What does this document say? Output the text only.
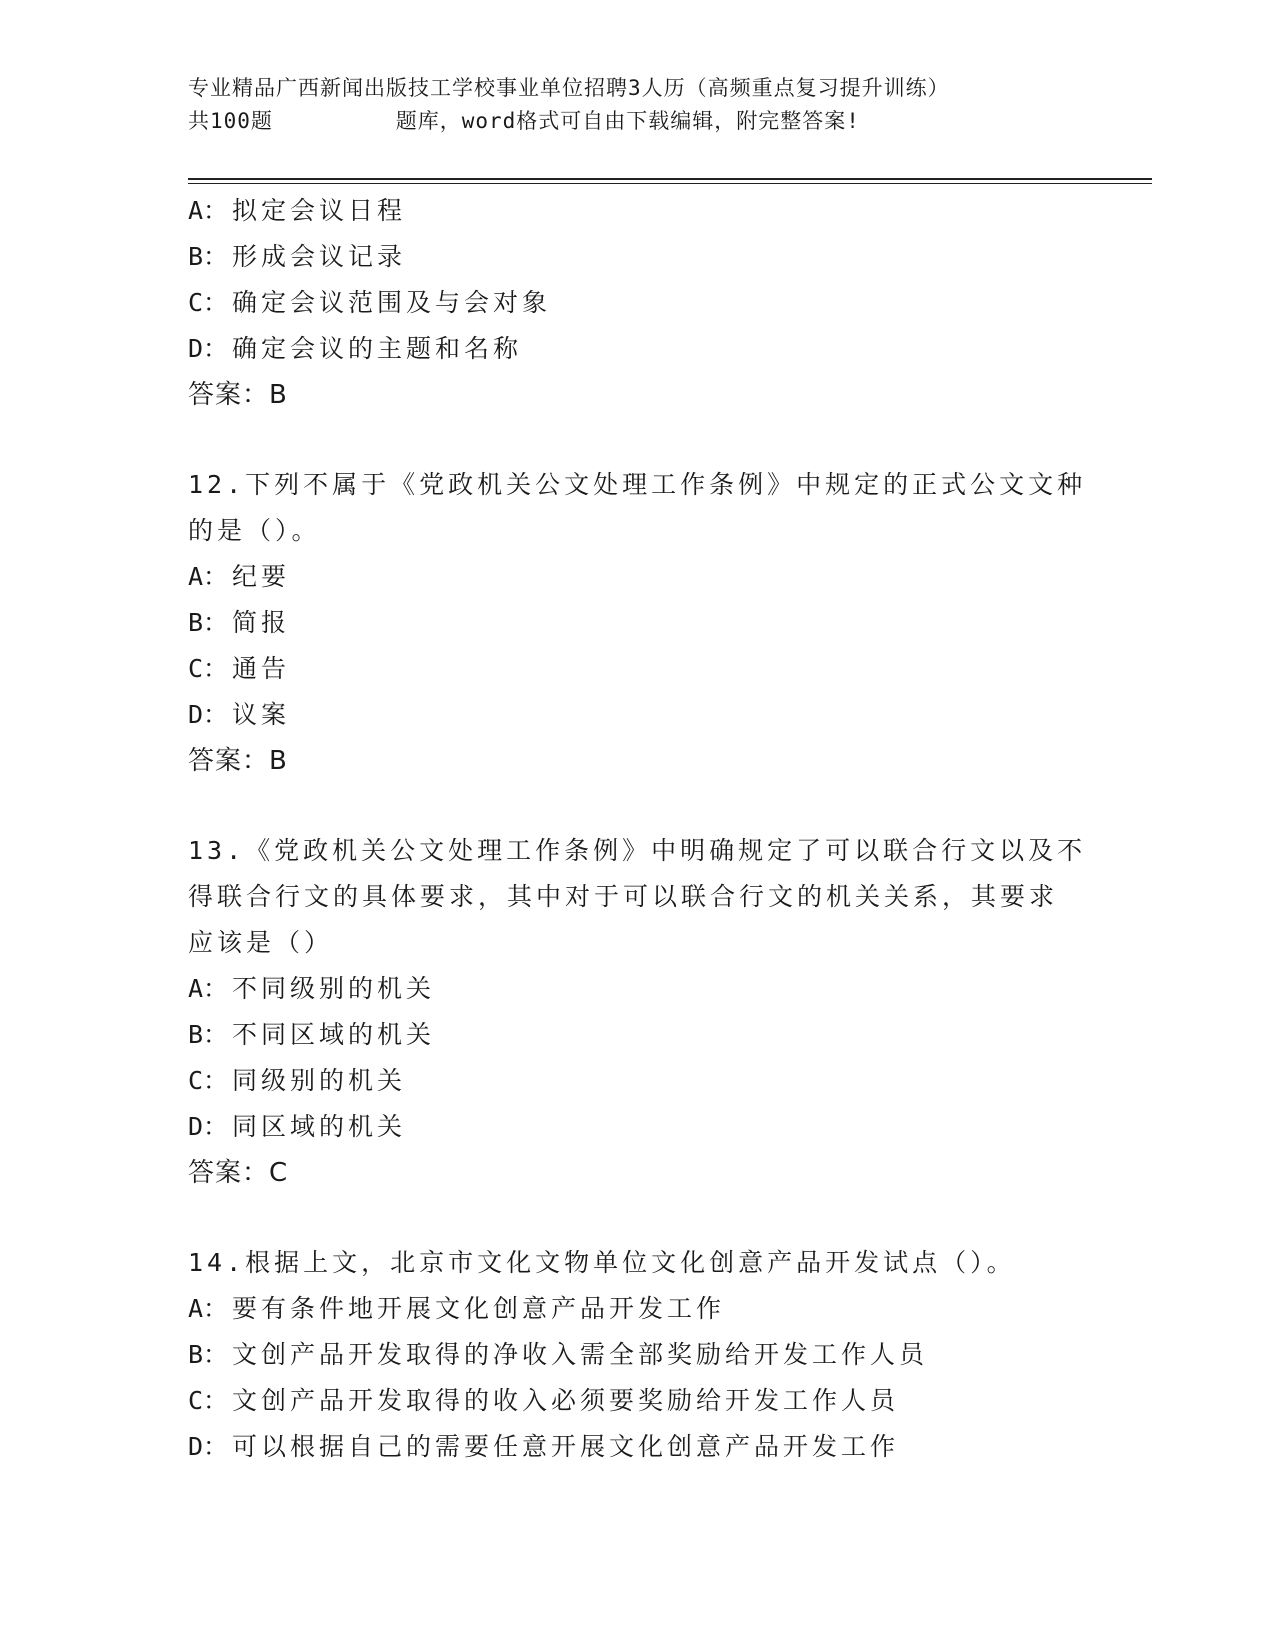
专业精品广西新闻出版技工学校事业单位招聘3人历（高频重点复习提升训练）
共100题         题库，word格式可自由下载编辑，附完整答案!
A： 拟定会议日程
B： 形成会议记录
C： 确定会议范围及与会对象
D： 确定会议的主题和名称
答案：B
12.下列不属于《党政机关公文处理工作条例》中规定的正式公文文种
的是（）。
A： 纪要
B： 简报
C： 通告
D： 议案
答案：B
13.《党政机关公文处理工作条例》中明确规定了可以联合行文以及不
得联合行文的具体要求，其中对于可以联合行文的机关关系，其要求
应该是（）
A： 不同级别的机关
B： 不同区域的机关
C： 同级别的机关
D： 同区域的机关
答案：C
14.根据上文，北京市文化文物单位文化创意产品开发试点（）。
A： 要有条件地开展文化创意产品开发工作
B： 文创产品开发取得的净收入需全部奖励给开发工作人员
C： 文创产品开发取得的收入必须要奖励给开发工作人员
D： 可以根据自己的需要任意开展文化创意产品开发工作
